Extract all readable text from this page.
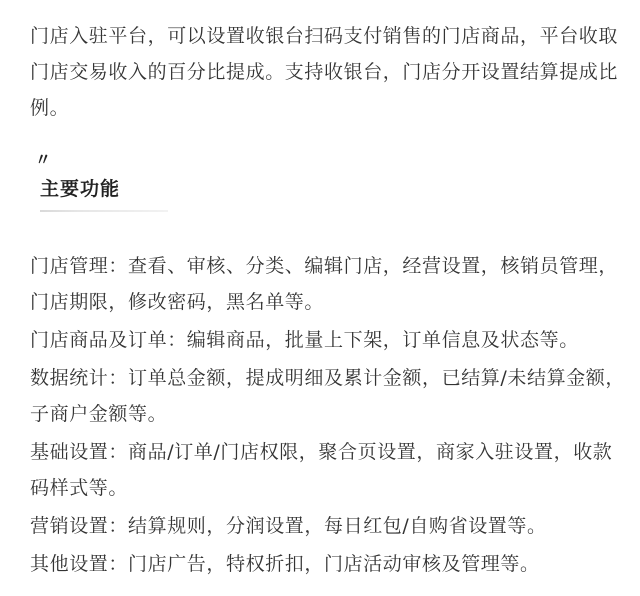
门店入驻平台，可以设置收银台扫码支付销售的门店商品，平台收取门店交易收入的百分比提成。支持收银台，门店分开设置结算提成比例。

〃
主要功能
门店管理：查看、审核、分类、编辑门店，经营设置，核销员管理，门店期限，修改密码，黑名单等。
门店商品及订单：编辑商品，批量上下架，订单信息及状态等。
数据统计：订单总金额，提成明细及累计金额，已结算/未结算金额，子商户金额等。
基础设置：商品/订单/门店权限，聚合页设置，商家入驻设置，收款码样式等。
营销设置：结算规则，分润设置，每日红包/自购省设置等。
其他设置：门店广告，特权折扣，门店活动审核及管理等。
